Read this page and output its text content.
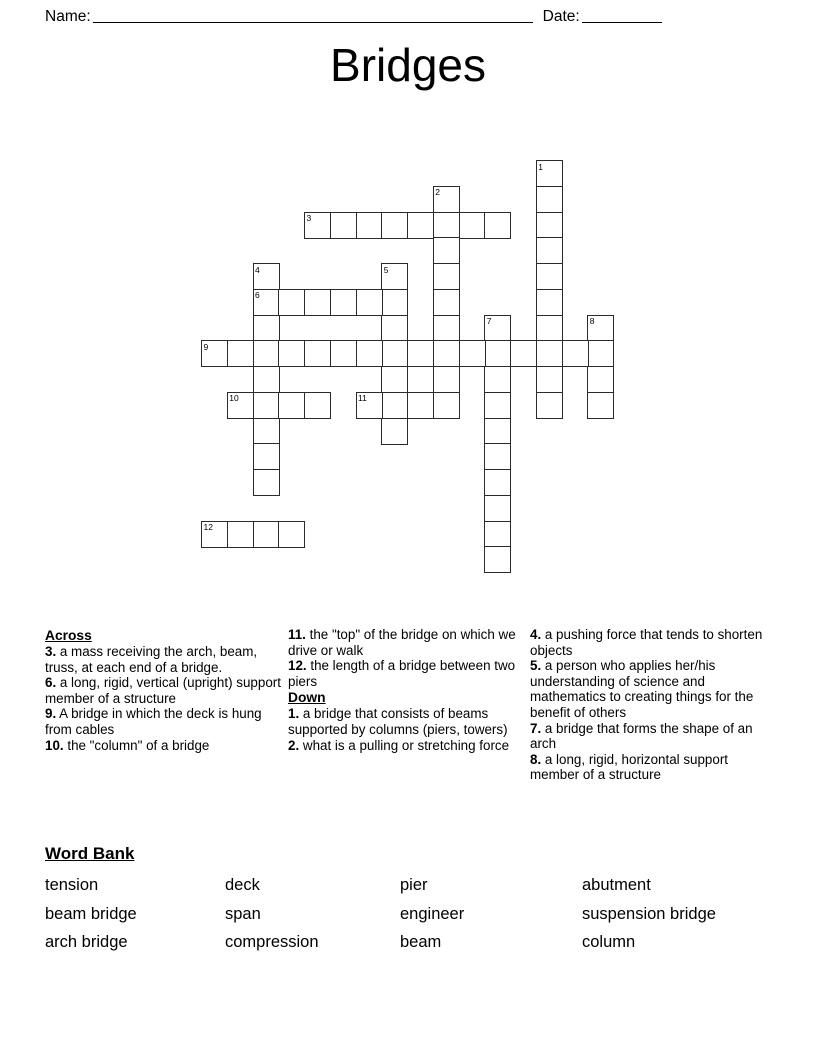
Name:	Date:
Bridges
1
2
3
4
6
5
7	8
9
10	11
12
Across
3. a mass receiving the arch, beam, truss, at each end of a bridge.
6. a long, rigid, vertical (upright) support member of a structure
9. A bridge in which the deck is hung from cables
10. the "column" of a bridge
11. the "top" of the bridge on which we drive or walk
12. the length of a bridge between two piers
Down
1. a bridge that consists of beams supported by columns (piers, towers)
2. what is a pulling or stretching force
4. a pushing force that tends to shorten objects
5. a person who applies her/his understanding of science and mathematics to creating things for the benefit of others
7. a bridge that forms the shape of an arch
8. a long, rigid, horizontal support member of a structure
Word Bank
tension	deck	pier	abutment
beam bridge	span	engineer	suspension bridge
arch bridge	compression	beam	column
